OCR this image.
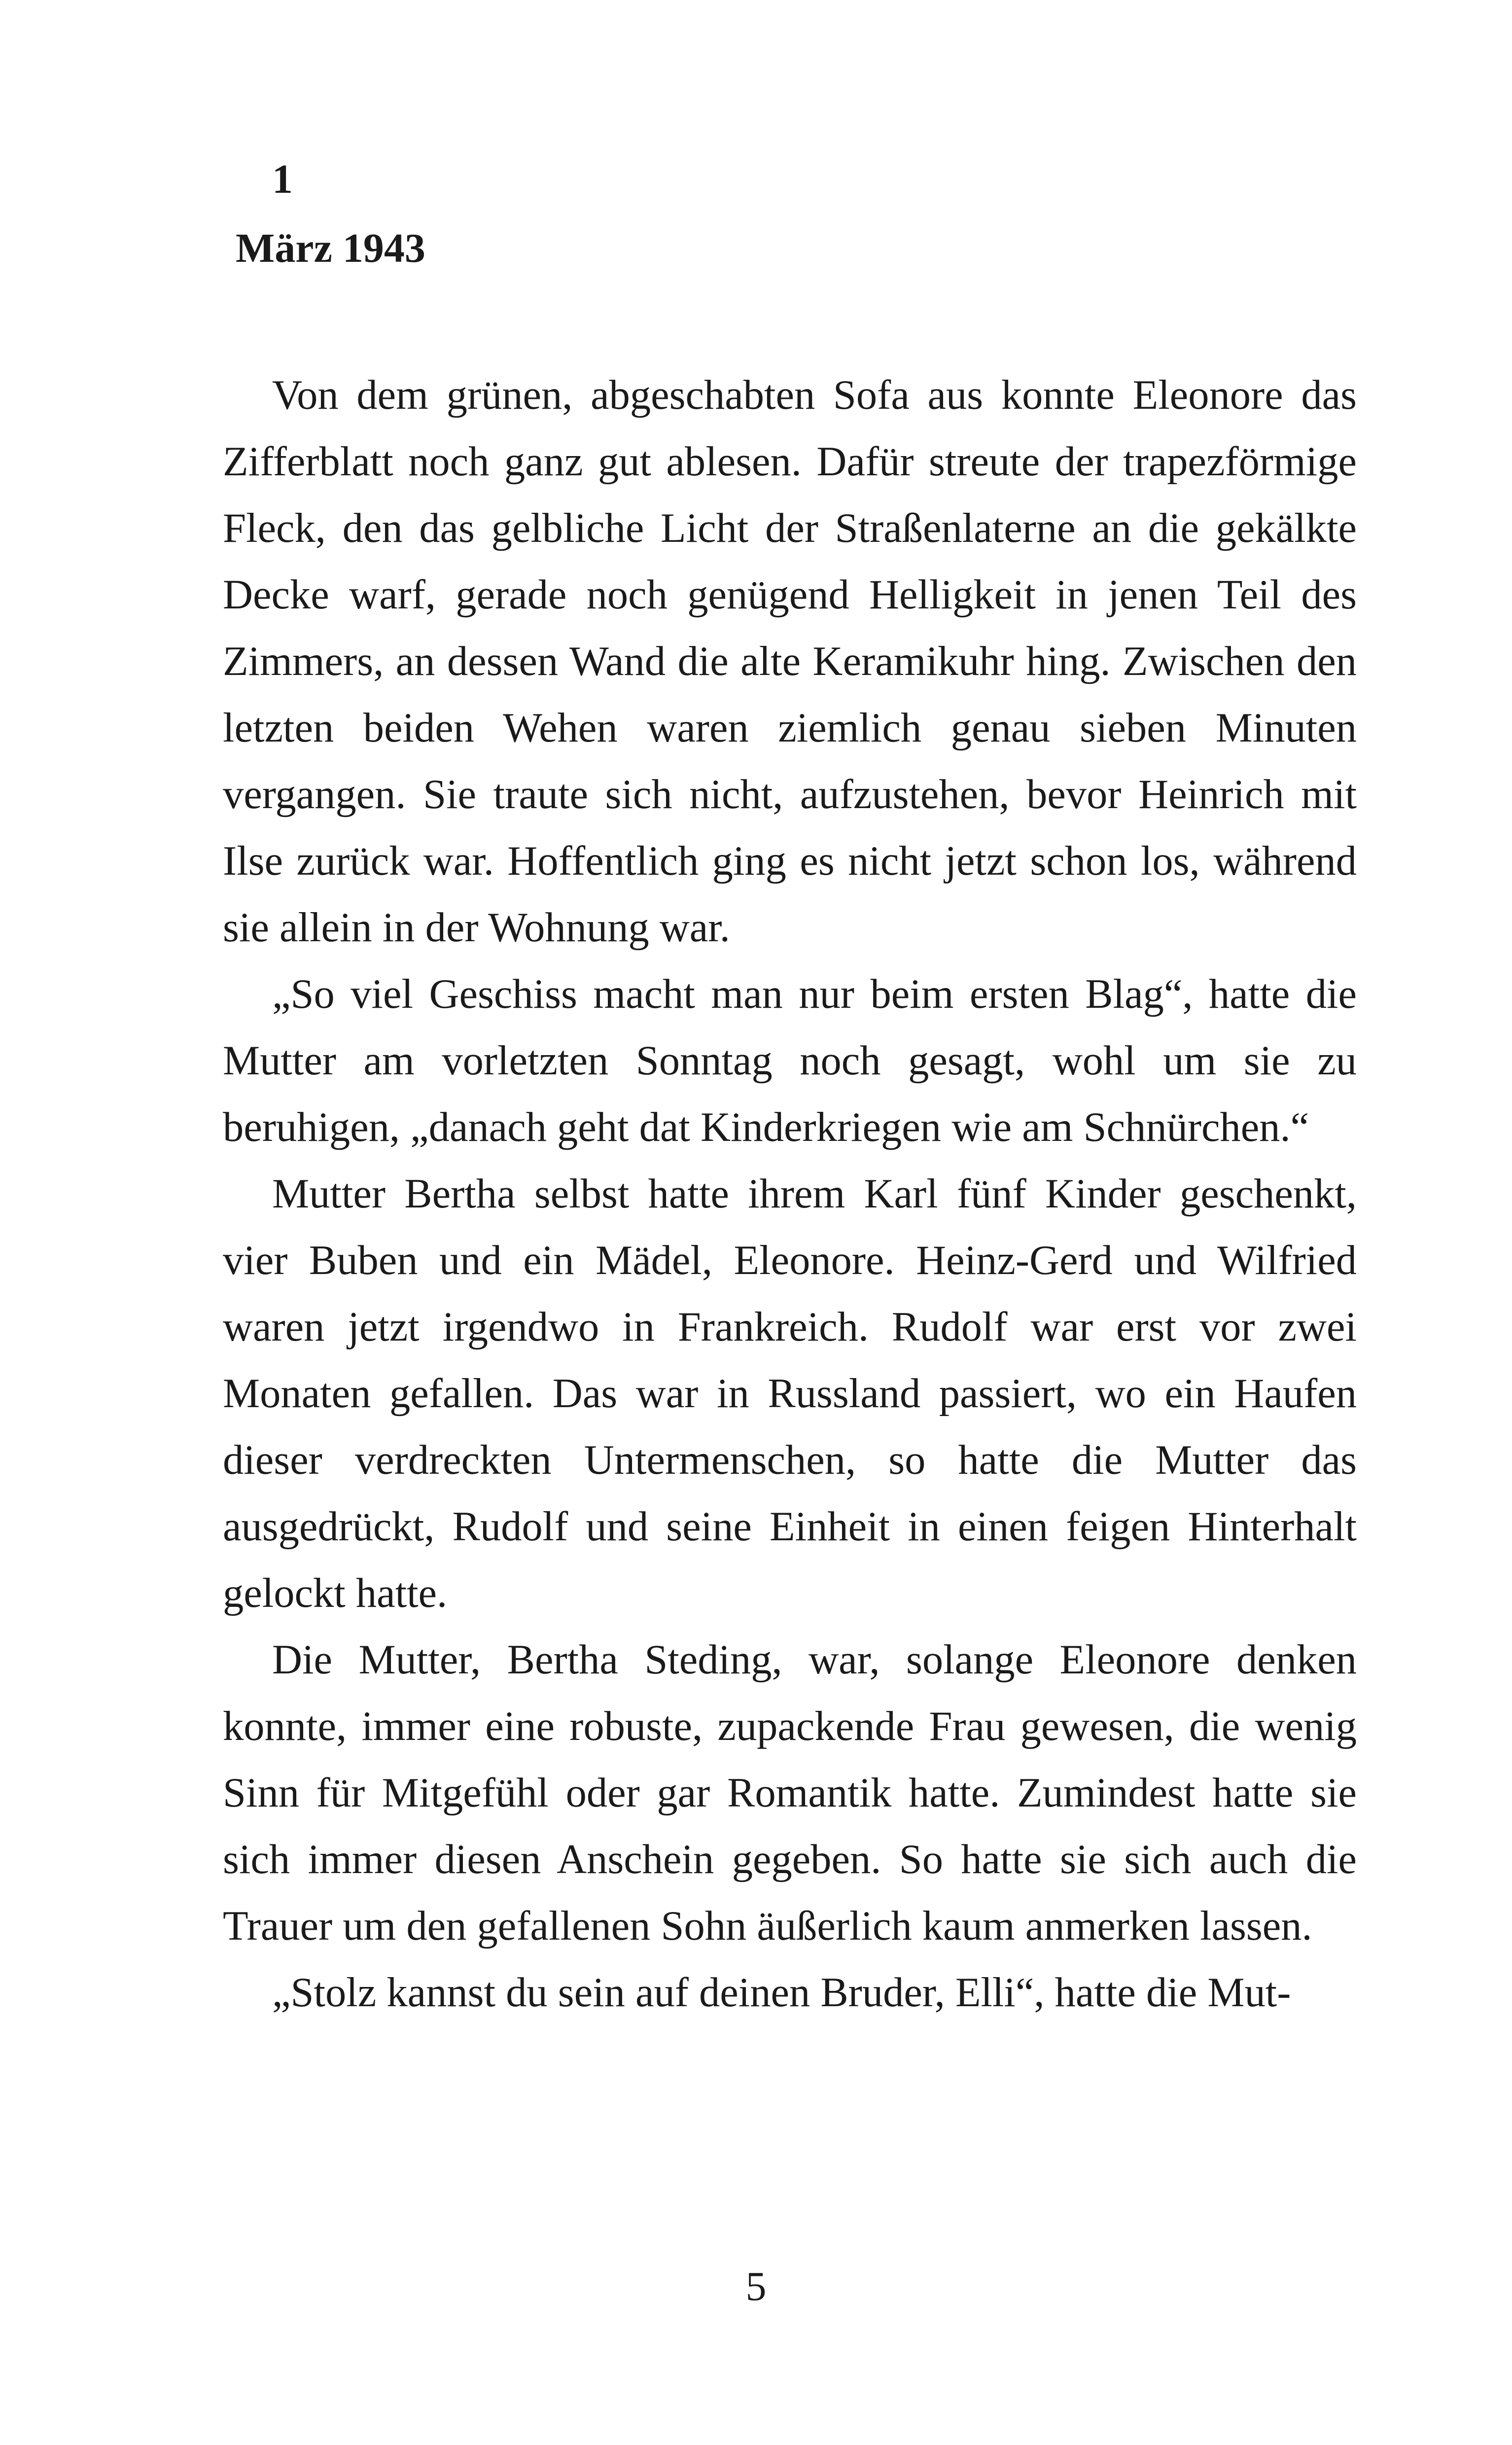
1
März 1943

Von dem grünen, abgeschabten Sofa aus konnte Eleonore das Zifferblatt noch ganz gut ablesen. Dafür streute der trapezförmige Fleck, den das gelbliche Licht der Straßenlaterne an die gekälkte Decke warf, gerade noch genügend Helligkeit in jenen Teil des Zimmers, an dessen Wand die alte Keramikuhr hing. Zwischen den letzten beiden Wehen waren ziemlich genau sieben Minuten vergangen. Sie traute sich nicht, aufzustehen, bevor Heinrich mit Ilse zurück war. Hoffentlich ging es nicht jetzt schon los, während sie allein in der Wohnung war.

„So viel Geschiss macht man nur beim ersten Blag“, hatte die Mutter am vorletzten Sonntag noch gesagt, wohl um sie zu beruhigen, „danach geht dat Kinderkriegen wie am Schnürchen.“

Mutter Bertha selbst hatte ihrem Karl fünf Kinder geschenkt, vier Buben und ein Mädel, Eleonore. Heinz-Gerd und Wilfried waren jetzt irgendwo in Frankreich. Rudolf war erst vor zwei Monaten gefallen. Das war in Russland passiert, wo ein Haufen dieser verdreckten Untermenschen, so hatte die Mutter das ausgedrückt, Rudolf und seine Einheit in einen feigen Hinterhalt gelockt hatte.

Die Mutter, Bertha Steding, war, solange Eleonore denken konnte, immer eine robuste, zupackende Frau gewesen, die wenig Sinn für Mitgefühl oder gar Romantik hatte. Zumindest hatte sie sich immer diesen Anschein gegeben. So hatte sie sich auch die Trauer um den gefallenen Sohn äußerlich kaum anmerken lassen.

„Stolz kannst du sein auf deinen Bruder, Elli“, hatte die Mut-

5
